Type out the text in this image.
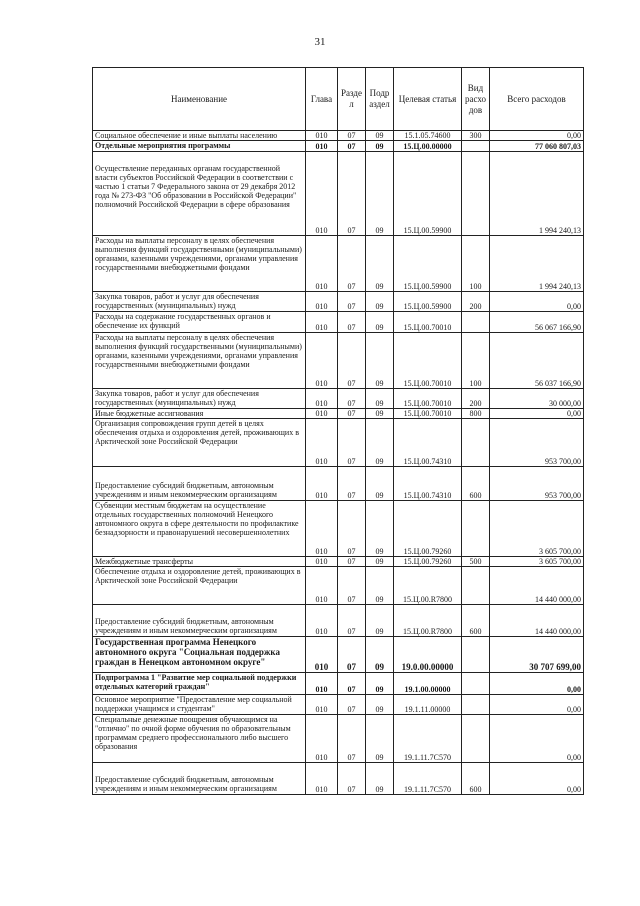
31
Наименование	Глава	Разде л	Подр аздел	Целевая статья	Вид расхо дов	Всего расходов
Социальное обеспечение и иные выплаты населению	010	07	09	15.1.05.74600	300	0,00
Отдельные мероприятия программы	010	07	09	15.Ц.00.00000		77 060 807,03
Осуществление переданных органам государственной власти субъектов Российской Федерации в соответствии с частью 1 статьи 7 Федерального закона от 29 декабря 2012 года № 273-ФЗ "Об образовании в Российской Федерации" полномочий Российской Федерации в сфере образования	010	07	09	15.Ц.00.59900		1 994 240,13
Расходы на выплаты персоналу в целях обеспечения выполнения функций государственными (муниципальными) органами, казенными учреждениями, органами управления государственными внебюджетными фондами	010	07	09	15.Ц.00.59900	100	1 994 240,13
Закупка товаров, работ и услуг для обеспечения государственных (муниципальных) нужд	010	07	09	15.Ц.00.59900	200	0,00
Расходы на содержание государственных органов и обеспечение их функций	010	07	09	15.Ц.00.70010		56 067 166,90
Расходы на выплаты персоналу в целях обеспечения выполнения функций государственными (муниципальными) органами, казенными учреждениями, органами управления государственными внебюджетными фондами	010	07	09	15.Ц.00.70010	100	56 037 166,90
Закупка товаров, работ и услуг для обеспечения государственных (муниципальных) нужд	010	07	09	15.Ц.00.70010	200	30 000,00
Иные бюджетные ассигнования	010	07	09	15.Ц.00.70010	800	0,00
Организация сопровождения групп детей в целях обеспечения отдыха и оздоровления детей, проживающих в Арктической зоне Российской Федерации	010	07	09	15.Ц.00.74310		953 700,00
Предоставление субсидий бюджетным, автономным учреждениям и иным некоммерческим организациям	010	07	09	15.Ц.00.74310	600	953 700,00
Субвенции местным бюджетам на осуществление отдельных государственных полномочий Ненецкого автономного округа в сфере деятельности по профилактике безнадзорности и правонарушений несовершеннолетних	010	07	09	15.Ц.00.79260		3 605 700,00
Межбюджетные трансферты	010	07	09	15.Ц.00.79260	500	3 605 700,00
Обеспечение отдыха и оздоровление детей, проживающих в Арктической зоне Российской Федерации	010	07	09	15.Ц.00.R7800		14 440 000,00
Предоставление субсидий бюджетным, автономным учреждениям и иным некоммерческим организациям	010	07	09	15.Ц.00.R7800	600	14 440 000,00
Государственная программа Ненецкого автономного округа "Социальная поддержка граждан в Ненецком автономном округе"	010	07	09	19.0.00.00000		30 707 699,00
Подпрограмма 1 "Развитие мер социальной поддержки отдельных категорий граждан"	010	07	09	19.1.00.00000		0,00
Основное мероприятие "Предоставление мер социальной поддержки учащимся и студентам"	010	07	09	19.1.11.00000		0,00
Специальные денежные поощрения обучающимся на "отлично" по очной форме обучения по образовательным программам среднего профессионального либо высшего образования	010	07	09	19.1.11.7С570		0,00
Предоставление субсидий бюджетным, автономным учреждениям и иным некоммерческим организациям	010	07	09	19.1.11.7С570	600	0,00
